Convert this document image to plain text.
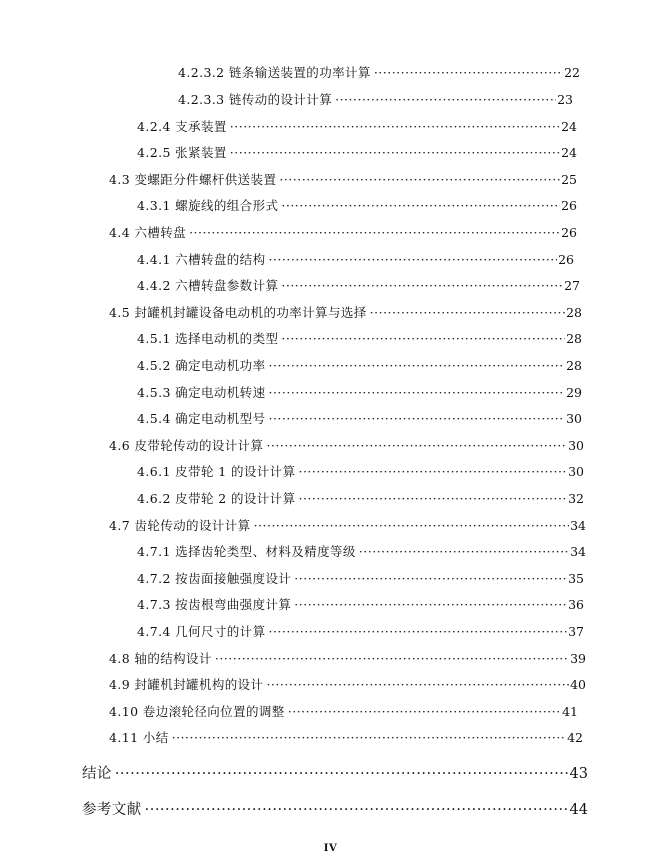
4.2.3.2 链条输送装置的功率计算 ·····	22
4.2.3.3 链传动的设计计算 ·····	23
4.2.4 支承装置 ·····	24
4.2.5 张紧装置 ·····	24
4.3 变螺距分件螺杆供送装置 ·····	25
4.3.1 螺旋线的组合形式 ·····	26
4.4 六槽转盘 ·····	26
4.4.1 六槽转盘的结构 ·····	26
4.4.2 六槽转盘参数计算 ·····	27
4.5 封罐机封罐设备电动机的功率计算与选择 ·····	28
4.5.1 选择电动机的类型 ·····	28
4.5.2 确定电动机功率 ·····	28
4.5.3 确定电动机转速 ·····	29
4.5.4 确定电动机型号 ·····	30
4.6 皮带轮传动的设计计算 ·····	30
4.6.1 皮带轮 1 的设计计算 ·····	30
4.6.2 皮带轮 2 的设计计算 ·····	32
4.7 齿轮传动的设计计算 ·····	34
4.7.1 选择齿轮类型、材料及精度等级 ·····	34
4.7.2 按齿面接触强度设计 ·····	35
4.7.3 按齿根弯曲强度计算 ·····	36
4.7.4 几何尺寸的计算 ·····	37
4.8 轴的结构设计 ·····	39
4.9 封罐机封罐机构的设计 ·····	40
4.10 卷边滚轮径向位置的调整 ·····	41
4.11 小结 ·····	42
结论 ·····	43
参考文献 ·····	44
IV
